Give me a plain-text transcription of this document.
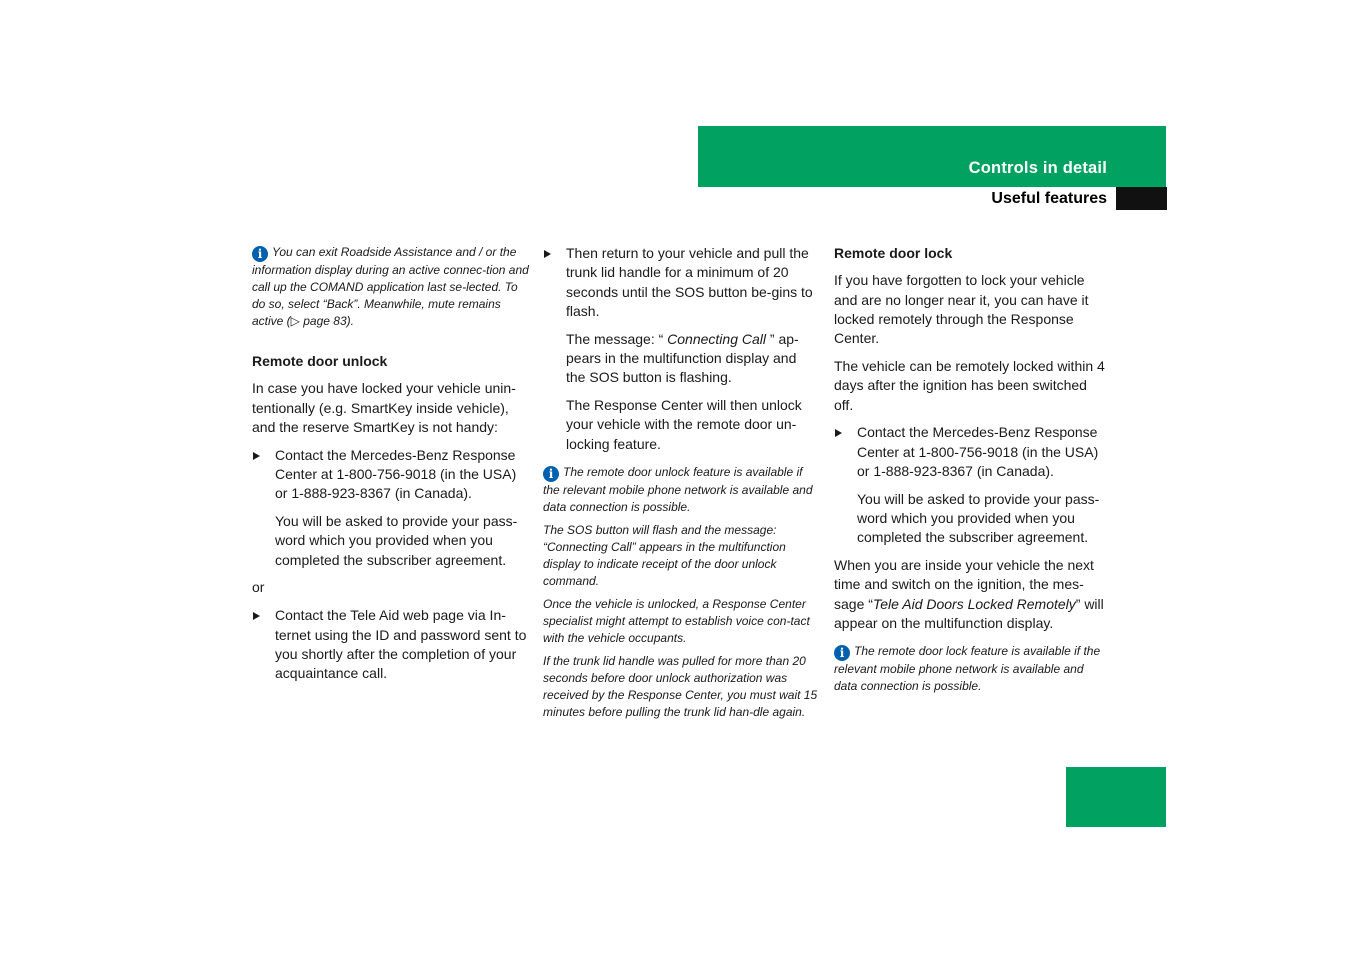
Controls in detail
Useful features

i You can exit Roadside Assistance and / or the information display during an active connec-tion and call up the COMAND application last se-lected. To do so, select “Back”. Meanwhile, mute remains active (▷ page 83).

Remote door unlock

In case you have locked your vehicle unin-tentionally (e.g. SmartKey inside vehicle), and the reserve SmartKey is not handy:

Contact the Mercedes-Benz Response Center at 1-800-756-9018 (in the USA) or 1-888-923-8367 (in Canada).

You will be asked to provide your pass-word which you provided when you completed the subscriber agreement.

or

Contact the Tele Aid web page via In-ternet using the ID and password sent to you shortly after the completion of your acquaintance call.

Then return to your vehicle and pull the trunk lid handle for a minimum of 20 seconds until the SOS button be-gins to flash.

The message: “ Connecting Call ” ap-pears in the multifunction display and the SOS button is flashing.

The Response Center will then unlock your vehicle with the remote door un-locking feature.

i The remote door unlock feature is available if the relevant mobile phone network is available and data connection is possible.

The SOS button will flash and the message: “Connecting Call” appears in the multifunction display to indicate receipt of the door unlock command.

Once the vehicle is unlocked, a Response Center specialist might attempt to establish voice con-tact with the vehicle occupants.

If the trunk lid handle was pulled for more than 20 seconds before door unlock authorization was received by the Response Center, you must wait 15 minutes before pulling the trunk lid han-dle again.

Remote door lock

If you have forgotten to lock your vehicle and are no longer near it, you can have it locked remotely through the Response Center.

The vehicle can be remotely locked within 4 days after the ignition has been switched off.

Contact the Mercedes-Benz Response Center at 1-800-756-9018 (in the USA) or 1-888-923-8367 (in Canada).

You will be asked to provide your pass-word which you provided when you completed the subscriber agreement.

When you are inside your vehicle the next time and switch on the ignition, the mes-sage “Tele Aid Doors Locked Remotely” will appear on the multifunction display.

i The remote door lock feature is available if the relevant mobile phone network is available and data connection is possible.

529
